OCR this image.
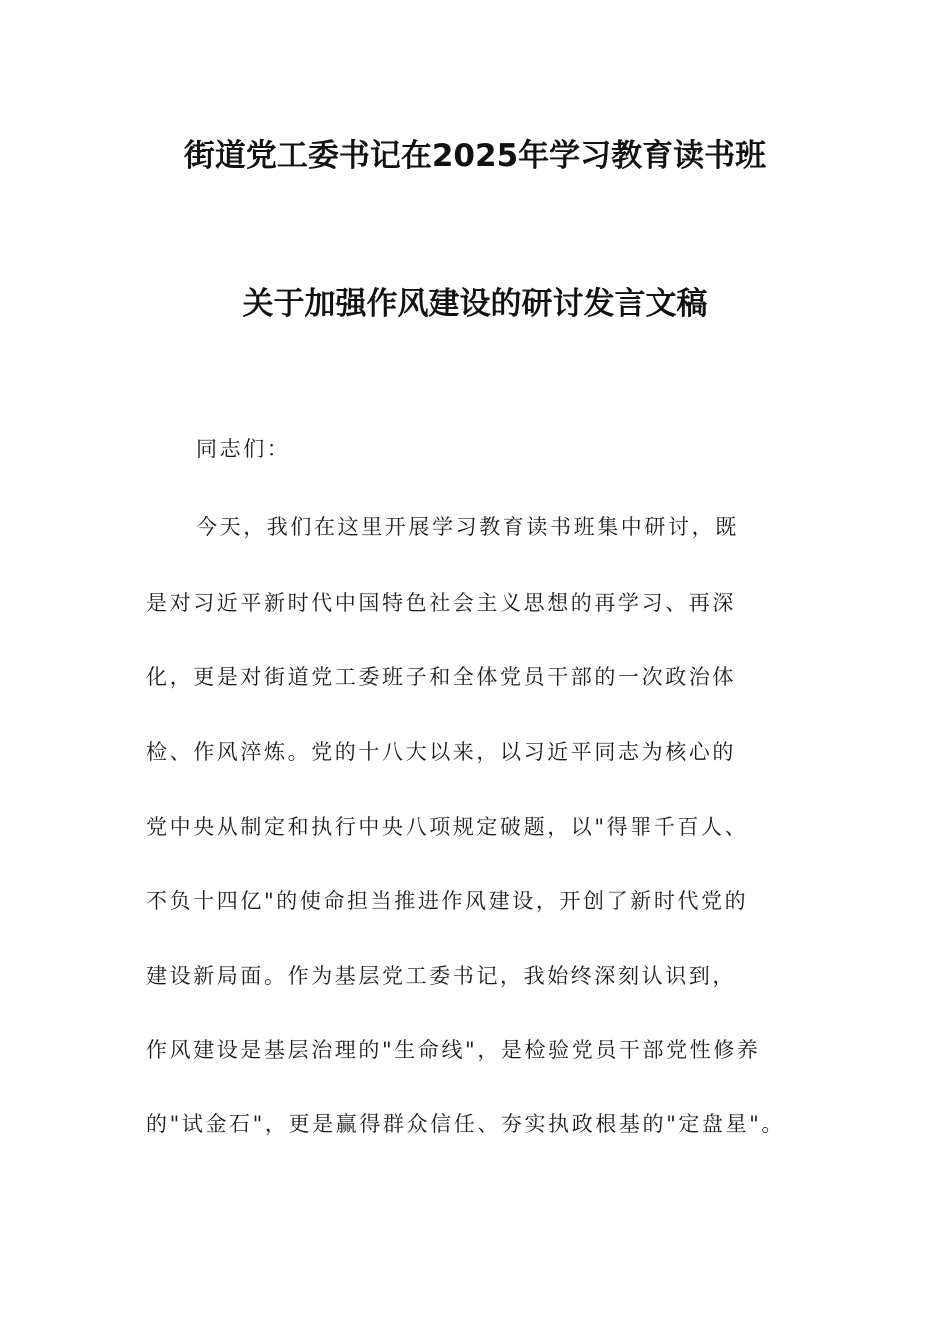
街道党工委书记在2025年学习教育读书班
关于加强作风建设的研讨发言文稿
同志们：
今天，我们在这里开展学习教育读书班集中研讨，既
是对习近平新时代中国特色社会主义思想的再学习、再深
化，更是对街道党工委班子和全体党员干部的一次政治体
检、作风淬炼。党的十八大以来，以习近平同志为核心的
党中央从制定和执行中央八项规定破题，以"得罪千百人、
不负十四亿"的使命担当推进作风建设，开创了新时代党的
建设新局面。作为基层党工委书记，我始终深刻认识到，
作风建设是基层治理的"生命线"，是检验党员干部党性修养
的"试金石"，更是赢得群众信任、夯实执政根基的"定盘星"。
